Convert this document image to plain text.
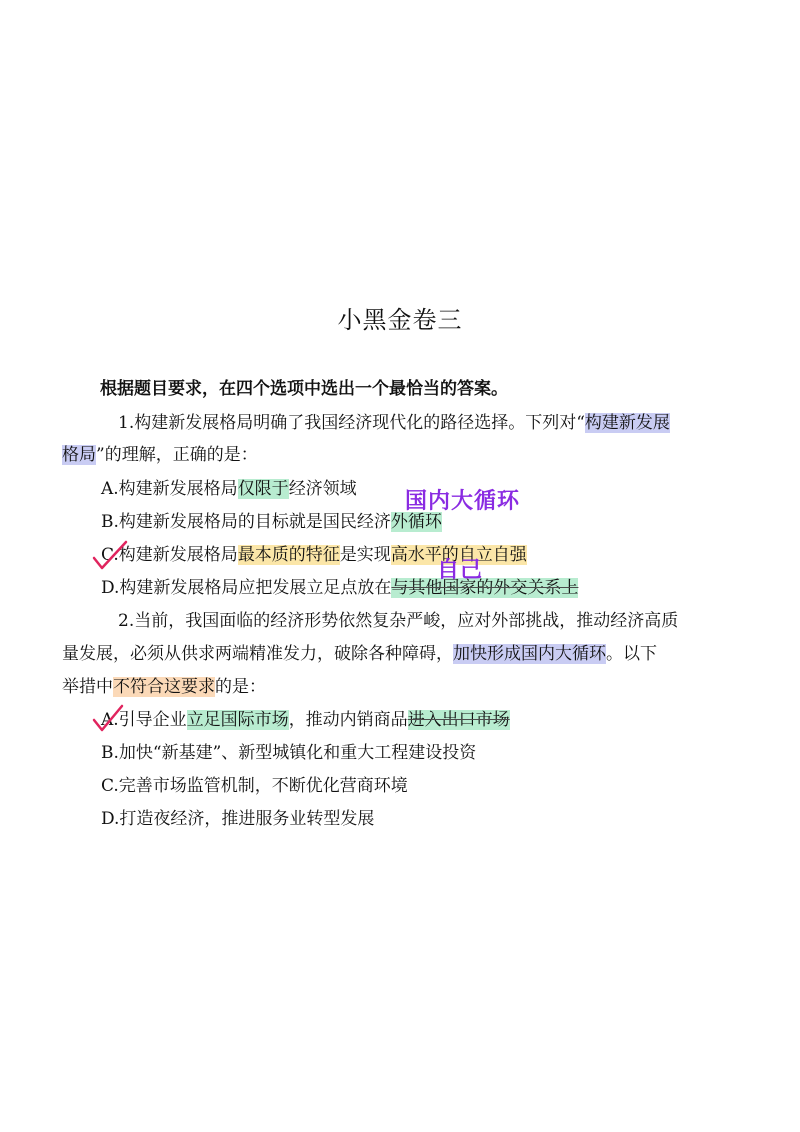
小黑金卷三
根据题目要求，在四个选项中选出一个最恰当的答案。
1.构建新发展格局明确了我国经济现代化的路径选择。下列对“构建新发展
格局”的理解，正确的是：
A.构建新发展格局仅限于经济领域
B.构建新发展格局的目标就是国民经济外循环
C.构建新发展格局最本质的特征是实现高水平的自立自强
D.构建新发展格局应把发展立足点放在与其他国家的外交关系上
2.当前，我国面临的经济形势依然复杂严峻，应对外部挑战，推动经济高质
量发展，必须从供求两端精准发力，破除各种障碍，加快形成国内大循环。以下
举措中不符合这要求的是：
A.引导企业立足国际市场，推动内销商品进入出口市场
B.加快“新基建”、新型城镇化和重大工程建设投资
C.完善市场监管机制，不断优化营商环境
D.打造夜经济，推进服务业转型发展
国内大循环
自己
